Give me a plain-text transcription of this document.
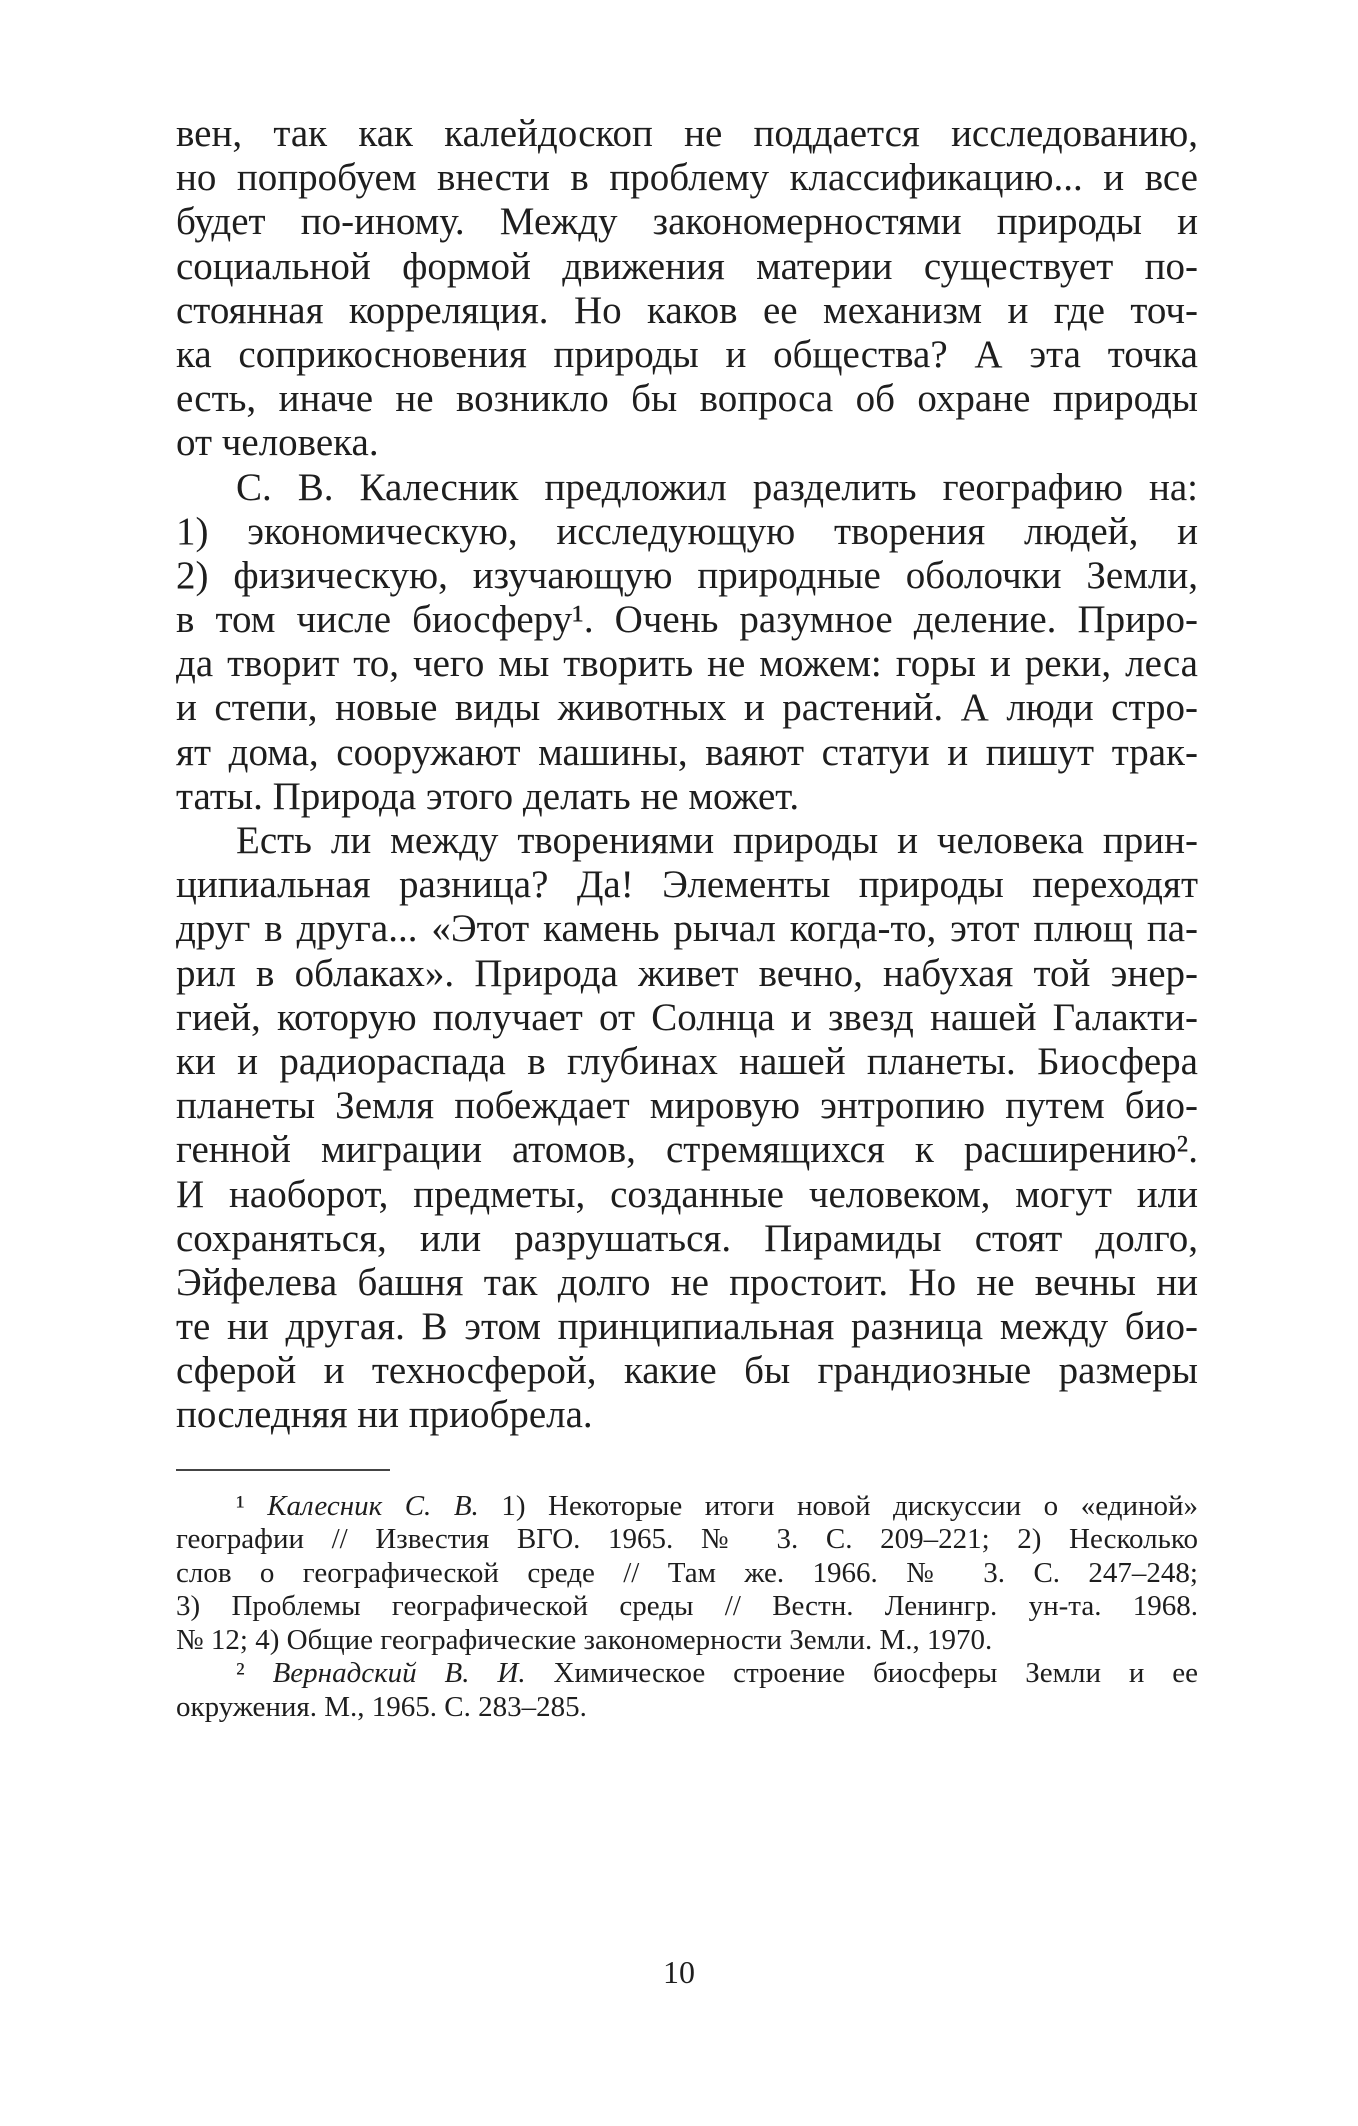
вен, так как калейдоскоп не поддается исследованию,
но попробуем внести в проблему классификацию... и все
будет по-иному. Между закономерностями природы и
социальной формой движения материи существует по-
стоянная корреляция. Но каков ее механизм и где точ-
ка соприкосновения природы и общества? А эта точка
есть, иначе не возникло бы вопроса об охране природы
от человека.
С. В. Калесник предложил разделить географию на:
1) экономическую, исследующую творения людей, и
2) физическую, изучающую природные оболочки Земли,
в том числе биосферу¹. Очень разумное деление. Приро-
да творит то, чего мы творить не можем: горы и реки, леса
и степи, новые виды животных и растений. А люди стро-
ят дома, сооружают машины, ваяют статуи и пишут трак-
таты. Природа этого делать не может.
Есть ли между творениями природы и человека прин-
ципиальная разница? Да! Элементы природы переходят
друг в друга... «Этот камень рычал когда-то, этот плющ па-
рил в облаках». Природа живет вечно, набухая той энер-
гией, которую получает от Солнца и звезд нашей Галакти-
ки и радиораспада в глубинах нашей планеты. Биосфера
планеты Земля побеждает мировую энтропию путем био-
генной миграции атомов, стремящихся к расширению².
И наоборот, предметы, созданные человеком, могут или
сохраняться, или разрушаться. Пирамиды стоят долго,
Эйфелева башня так долго не простоит. Но не вечны ни
те ни другая. В этом принципиальная разница между био-
сферой и техносферой, какие бы грандиозные размеры
последняя ни приобрела.
¹ Калесник С. В. 1) Некоторые итоги новой дискуссии о «единой»
географии // Известия ВГО. 1965. № 3. С. 209–221; 2) Несколько
слов о географической среде // Там же. 1966. № 3. С. 247–248;
3) Проблемы географической среды // Вестн. Ленингр. ун-та. 1968.
№ 12; 4) Общие географические закономерности Земли. М., 1970.
² Вернадский В. И. Химическое строение биосферы Земли и ее
окружения. М., 1965. С. 283–285.
10
